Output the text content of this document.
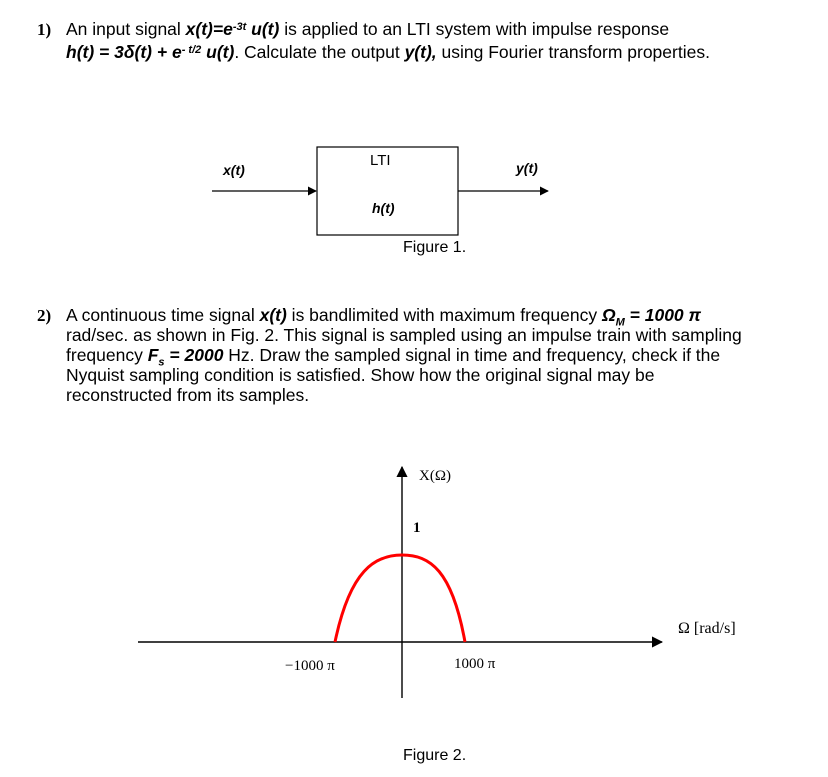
1) An input signal $x(t)=e^{-3t}$ u(t) is applied to an LTI system with impulse response
$h(t) = 3\delta(t) + e^{- t/2}$ u(t). Calculate the output y(t), using Fourier transform properties.
x(t)
LTI
h(t)
y(t)
Figure 1.
2) A continuous time signal x(t) is bandlimited with maximum frequency $\Omega_M = 1000$ π
rad/sec. as shown in Fig. 2. This signal is sampled using an impulse train with sampling
frequency $F_s = 2000$ Hz. Draw the sampled signal in time and frequency, check if the
Nyquist sampling condition is satisfied. Show how the original signal may be
reconstructed from its samples.
X(Ω)
1
Ω [rad/s]
−1000 π	1000 π
Figure 2.
